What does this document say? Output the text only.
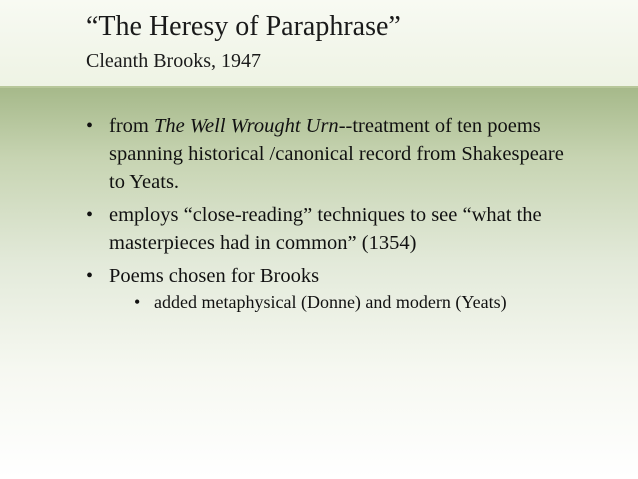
“The Heresy of Paraphrase”
Cleanth Brooks, 1947
• from The Well Wrought Urn--treatment of ten poems spanning historical /canonical record from Shakespeare to Yeats.
• employs “close-reading” techniques to see “what the masterpieces had in common” (1354)
• Poems chosen for Brooks
• added metaphysical (Donne) and modern (Yeats)
